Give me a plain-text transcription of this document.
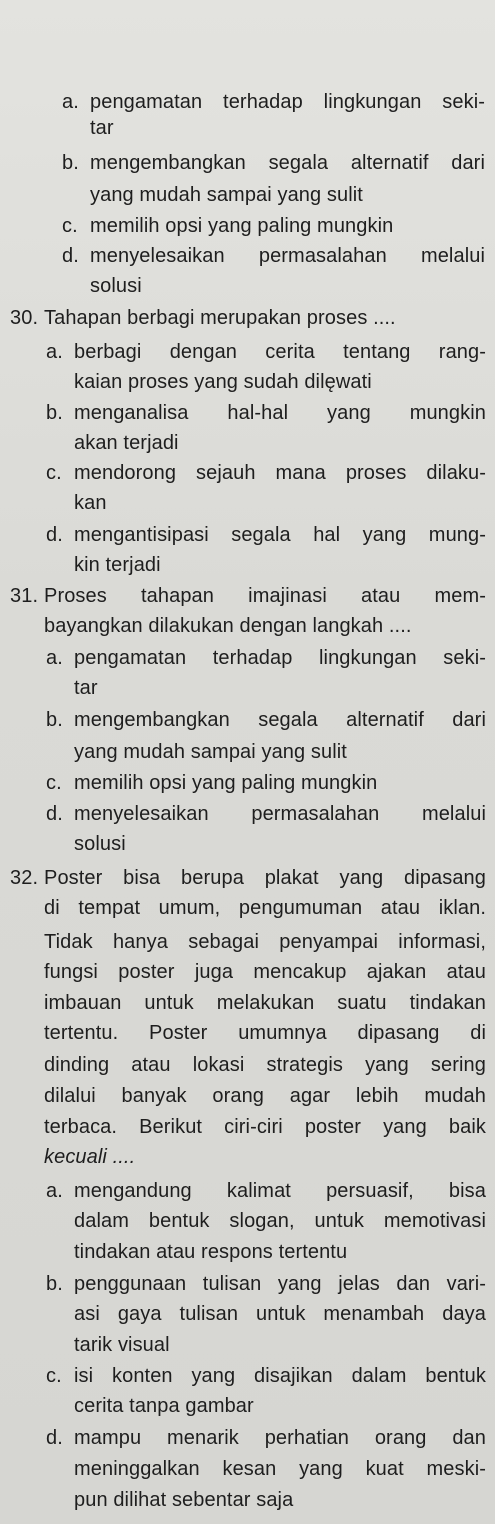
a. pengamatan terhadap lingkungan seki-
tar
b. mengembangkan segala alternatif dari
yang mudah sampai yang sulit
c. memilih opsi yang paling mungkin
d. menyelesaikan permasalahan melalui
solusi
30. Tahapan berbagi merupakan proses ....
a. berbagi dengan cerita tentang rang-
kaian proses yang sudah dilęwati
b. menganalisa hal-hal yang mungkin
akan terjadi
c. mendorong sejauh mana proses dilaku-
kan
d. mengantisipasi segala hal yang mung-
kin terjadi
31. Proses tahapan imajinasi atau mem-
bayangkan dilakukan dengan langkah ....
a. pengamatan terhadap lingkungan seki-
tar
b. mengembangkan segala alternatif dari
yang mudah sampai yang sulit
c. memilih opsi yang paling mungkin
d. menyelesaikan permasalahan melalui
solusi
32. Poster bisa berupa plakat yang dipasang
di tempat umum, pengumuman atau iklan.
Tidak hanya sebagai penyampai informasi,
fungsi poster juga mencakup ajakan atau
imbauan untuk melakukan suatu tindakan
tertentu. Poster umumnya dipasang di
dinding atau lokasi strategis yang sering
dilalui banyak orang agar lebih mudah
terbaca. Berikut ciri-ciri poster yang baik
kecuali ....
a. mengandung kalimat persuasif, bisa
dalam bentuk slogan, untuk memotivasi
tindakan atau respons tertentu
b. penggunaan tulisan yang jelas dan vari-
asi gaya tulisan untuk menambah daya
tarik visual
c. isi konten yang disajikan dalam bentuk
cerita tanpa gambar
d. mampu menarik perhatian orang dan
meninggalkan kesan yang kuat meski-
pun dilihat sebentar saja
